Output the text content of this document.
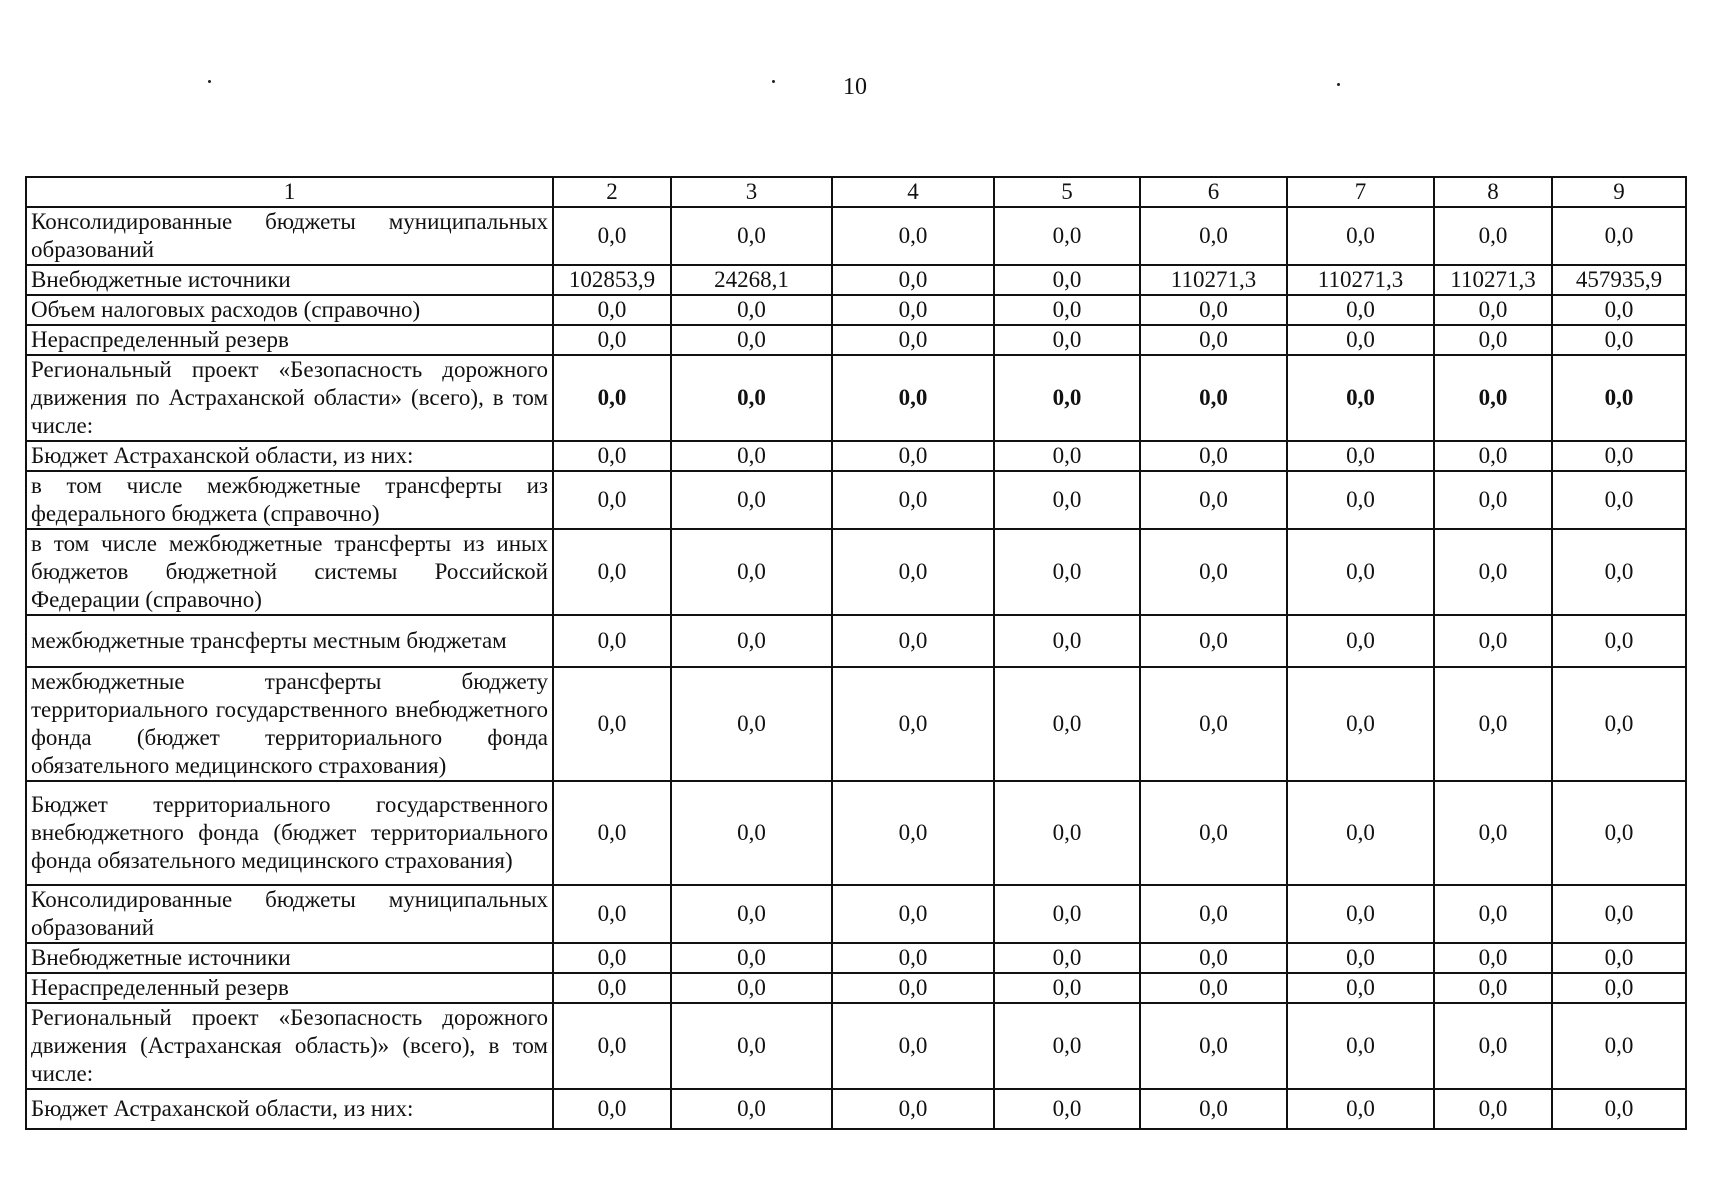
10
1	2	3	4	5	6	7	8	9
Консолидированные бюджеты муниципальных образований	0,0	0,0	0,0	0,0	0,0	0,0	0,0	0,0
Внебюджетные источники	102853,9	24268,1	0,0	0,0	110271,3	110271,3	110271,3	457935,9
Объем налоговых расходов (справочно)	0,0	0,0	0,0	0,0	0,0	0,0	0,0	0,0
Нераспределенный резерв	0,0	0,0	0,0	0,0	0,0	0,0	0,0	0,0
Региональный проект «Безопасность дорожного движения по Астраханской области» (всего), в том числе:	0,0	0,0	0,0	0,0	0,0	0,0	0,0	0,0
Бюджет Астраханской области, из них:	0,0	0,0	0,0	0,0	0,0	0,0	0,0	0,0
в том числе межбюджетные трансферты из федерального бюджета (справочно)	0,0	0,0	0,0	0,0	0,0	0,0	0,0	0,0
в том числе межбюджетные трансферты из иных бюджетов бюджетной системы Российской Федерации (справочно)	0,0	0,0	0,0	0,0	0,0	0,0	0,0	0,0
межбюджетные трансферты местным бюджетам	0,0	0,0	0,0	0,0	0,0	0,0	0,0	0,0
межбюджетные трансферты бюджету территориального государственного внебюджетного фонда (бюджет территориального фонда обязательного медицинского страхования)	0,0	0,0	0,0	0,0	0,0	0,0	0,0	0,0
Бюджет территориального государственного внебюджетного фонда (бюджет территориального фонда обязательного медицинского страхования)	0,0	0,0	0,0	0,0	0,0	0,0	0,0	0,0
Консолидированные бюджеты муниципальных образований	0,0	0,0	0,0	0,0	0,0	0,0	0,0	0,0
Внебюджетные источники	0,0	0,0	0,0	0,0	0,0	0,0	0,0	0,0
Нераспределенный резерв	0,0	0,0	0,0	0,0	0,0	0,0	0,0	0,0
Региональный проект «Безопасность дорожного движения (Астраханская область)» (всего), в том числе:	0,0	0,0	0,0	0,0	0,0	0,0	0,0	0,0
Бюджет Астраханской области, из них:	0,0	0,0	0,0	0,0	0,0	0,0	0,0	0,0
